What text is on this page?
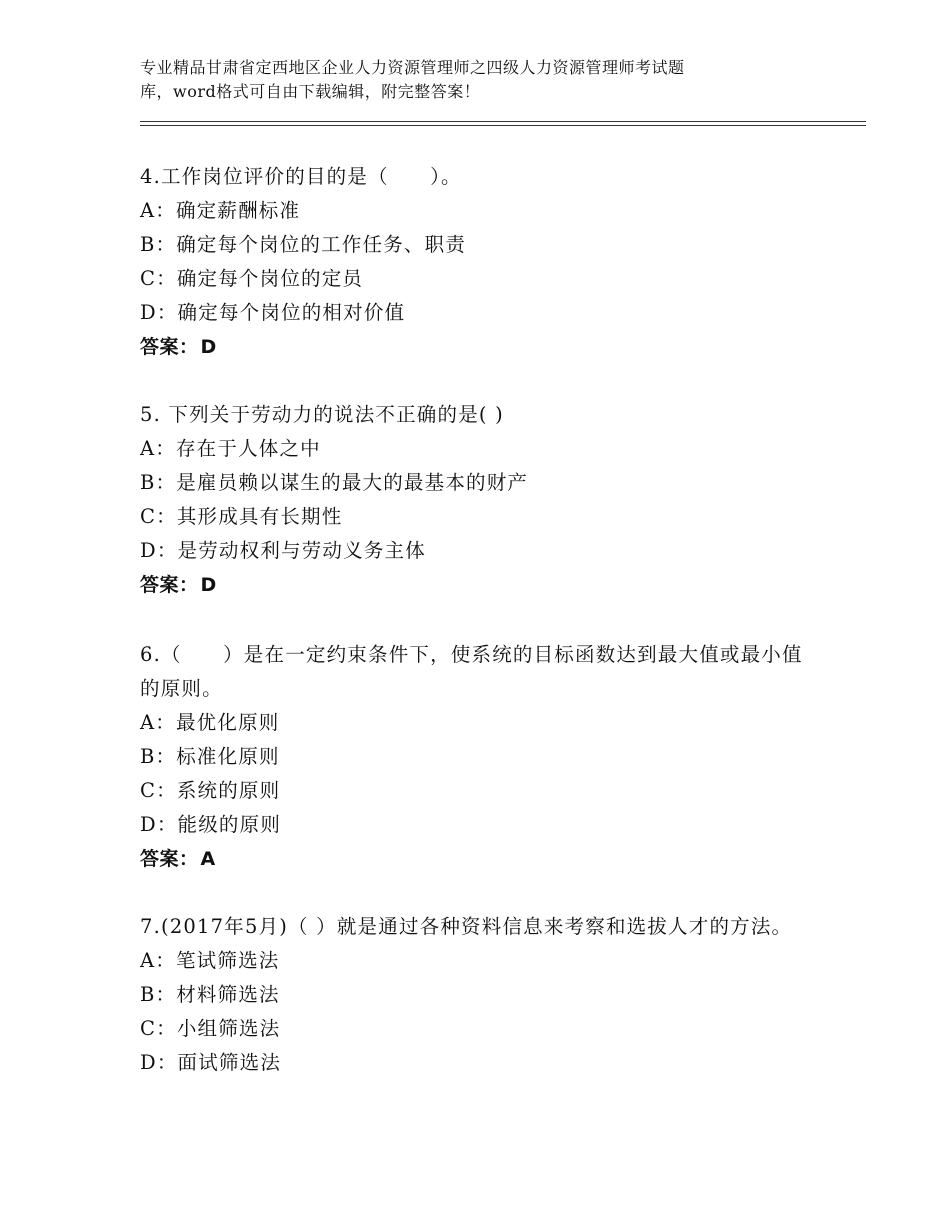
专业精品甘肃省定西地区企业人力资源管理师之四级人力资源管理师考试题
库，word格式可自由下载编辑，附完整答案！

4.工作岗位评价的目的是（　　）。

A：确定薪酬标准

B：确定每个岗位的工作任务、职责

C：确定每个岗位的定员

D：确定每个岗位的相对价值

答案： D

5. 下列关于劳动力的说法不正确的是( )

A：存在于人体之中

B：是雇员赖以谋生的最大的最基本的财产

C：其形成具有长期性

D：是劳动权利与劳动义务主体

答案： D

6.（　　）是在一定约束条件下，使系统的目标函数达到最大值或最小值的原则。

A：最优化原则

B：标准化原则

C：系统的原则

D：能级的原则

答案： A

7.(2017年5月)（ ）就是通过各种资料信息来考察和选拔人才的方法。

A：笔试筛选法

B：材料筛选法

C：小组筛选法

D：面试筛选法
